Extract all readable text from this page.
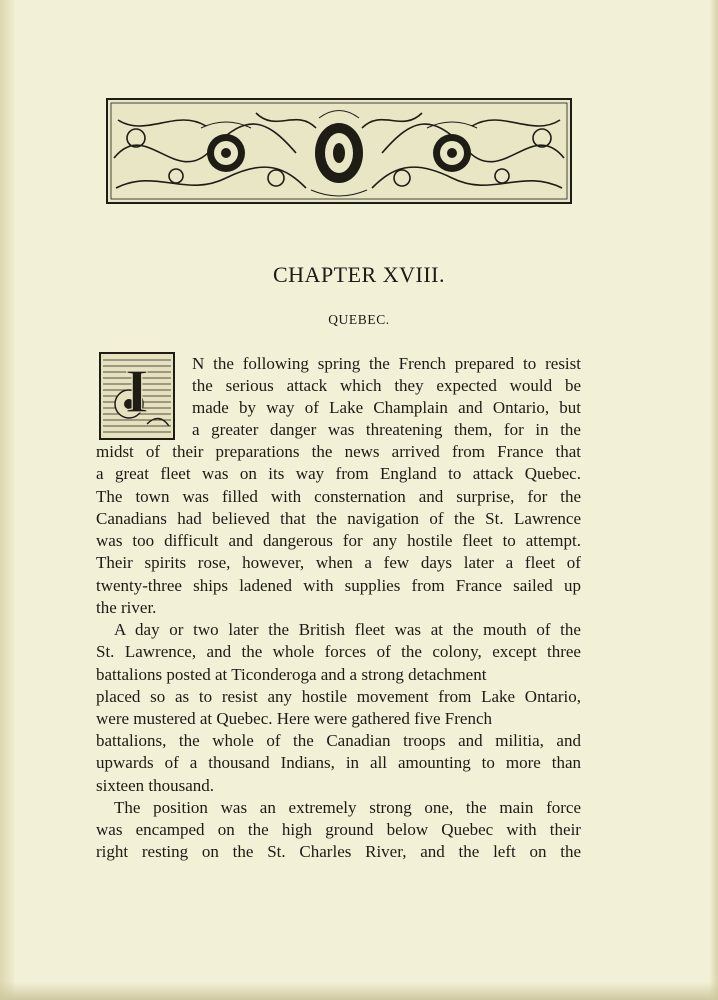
CHAPTER XVIII.
QUEBEC.
I	N the following spring the French prepared to resist
the serious attack which they expected would be
made by way of Lake Champlain and Ontario, but
a greater danger was threatening them, for in the
midst of their preparations the news arrived from France that
a great fleet was on its way from England to attack Quebec.
The town was filled with consternation and surprise, for the
Canadians had believed that the navigation of the St. Lawrence
was too difficult and dangerous for any hostile fleet to attempt.
Their spirits rose, however, when a few days later a fleet of
twenty-three ships ladened with supplies from France sailed up
the river.
A day or two later the British fleet was at the mouth of the
St. Lawrence, and the whole forces of the colony, except three
battalions posted at Ticonderoga and a strong detachment
placed so as to resist any hostile movement from Lake Ontario,
were mustered at Quebec. Here were gathered five French
battalions, the whole of the Canadian troops and militia, and
upwards of a thousand Indians, in all amounting to more than
sixteen thousand.
The position was an extremely strong one, the main force
was encamped on the high ground below Quebec with their
right resting on the St. Charles River, and the left on the
